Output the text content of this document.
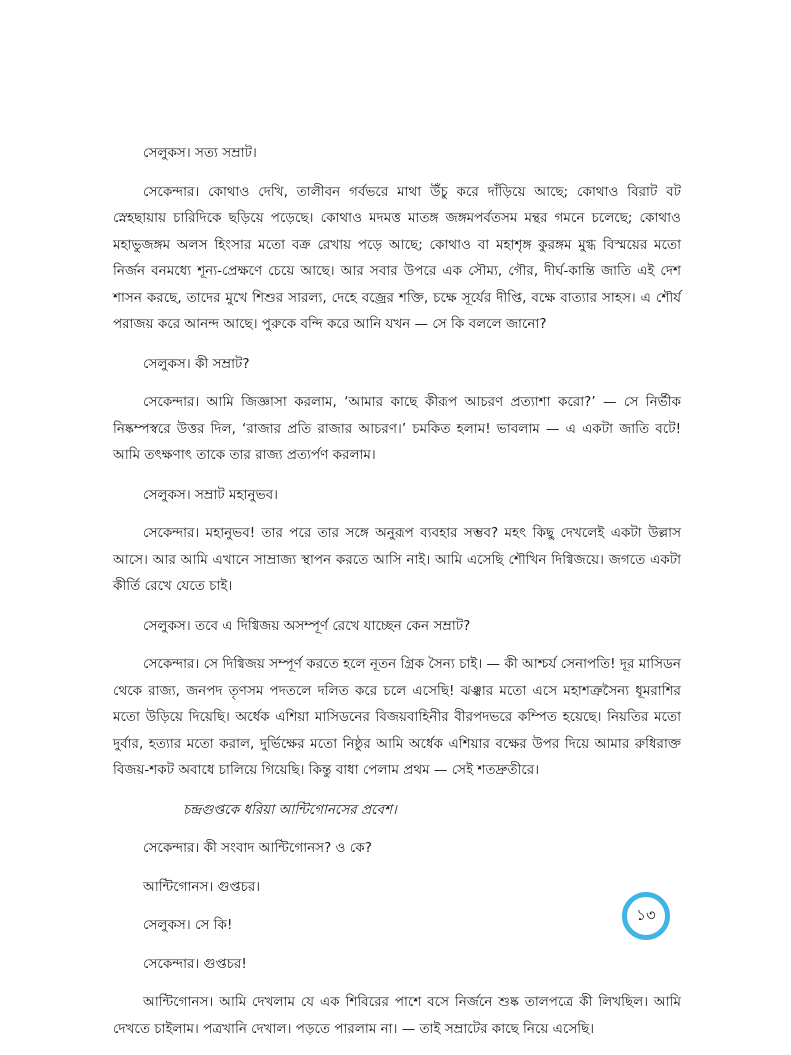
সেলুকস। সত্য সম্রাট।

সেকেন্দার। কোথাও দেখি, তালীবন গর্বভরে মাথা উঁচু করে দাঁড়িয়ে আছে; কোথাও বিরাট বট স্নেহছায়ায় চারিদিকে ছড়িয়ে পড়েছে। কোথাও মদমত্ত মাতঙ্গ জঙ্গমপর্বতসম মন্থর গমনে চলেছে; কোথাও মহাভুজঙ্গম অলস হিংসার মতো বক্র রেখায় পড়ে আছে; কোথাও বা মহাশৃঙ্গ কুরঙ্গম মুগ্ধ বিস্ময়ের মতো নির্জন বনমধ্যে শূন্য-প্রেক্ষণে চেয়ে আছে। আর সবার উপরে এক সৌম্য, গৌর, দীর্ঘ-কান্তি জাতি এই দেশ শাসন করছে, তাদের মুখে শিশুর সারল্য, দেহে বজ্রের শক্তি, চক্ষে সূর্যের দীপ্তি, বক্ষে বাত্যার সাহস। এ শৌর্য পরাজয় করে আনন্দ আছে। পুরুকে বন্দি করে আনি যখন — সে কি বললে জানো?

সেলুকস। কী সম্রাট?

সেকেন্দার। আমি জিজ্ঞাসা করলাম, ‘আমার কাছে কীরূপ আচরণ প্রত্যাশা করো?’ — সে নির্ভীক নিষ্কম্পস্বরে উত্তর দিল, ‘রাজার প্রতি রাজার আচরণ।’ চমকিত হলাম! ভাবলাম — এ একটা জাতি বটে! আমি তৎক্ষণাৎ তাকে তার রাজ্য প্রত্যর্পণ করলাম।

সেলুকস। সম্রাট মহানুভব।

সেকেন্দার। মহানুভব! তার পরে তার সঙ্গে অনুরূপ ব্যবহার সম্ভব? মহৎ কিছু দেখলেই একটা উল্লাস আসে। আর আমি এখানে সাম্রাজ্য স্থাপন করতে আসি নাই। আমি এসেছি শৌখিন দিগ্বিজয়ে। জগতে একটা কীর্তি রেখে যেতে চাই।

সেলুকস। তবে এ দিগ্বিজয় অসম্পূর্ণ রেখে যাচ্ছেন কেন সম্রাট?

সেকেন্দার। সে দিগ্বিজয় সম্পূর্ণ করতে হলে নূতন গ্রিক সৈন্য চাই। — কী আশ্চর্য সেনাপতি! দূর মাসিডন থেকে রাজ্য, জনপদ তৃণসম পদতলে দলিত করে চলে এসেছি! ঝঞ্ঝার মতো এসে মহাশত্রুসৈন্য ধূমরাশির মতো উড়িয়ে দিয়েছি। অর্ধেক এশিয়া মাসিডনের বিজয়বাহিনীর বীরপদভরে কম্পিত হয়েছে। নিয়তির মতো দুর্বার, হত্যার মতো করাল, দুর্ভিক্ষের মতো নিষ্ঠুর আমি অর্ধেক এশিয়ার বক্ষের উপর দিয়ে আমার রুধিরাক্ত বিজয়-শকট অবাধে চালিয়ে গিয়েছি। কিন্তু বাধা পেলাম প্রথম — সেই শতদ্রুতীরে।

চন্দ্রগুপ্তকে ধরিয়া আন্টিগোনসের প্রবেশ।

সেকেন্দার। কী সংবাদ আন্টিগোনস? ও কে?

আন্টিগোনস। গুপ্তচর।

সেলুকস। সে কি!

সেকেন্দার। গুপ্তচর!

আন্টিগোনস। আমি দেখলাম যে এক শিবিরের পাশে বসে নির্জনে শুষ্ক তালপত্রে কী লিখছিল। আমি দেখতে চাইলাম। পত্রখানি দেখাল। পড়তে পারলাম না। — তাই সম্রাটের কাছে নিয়ে এসেছি।

১৩
